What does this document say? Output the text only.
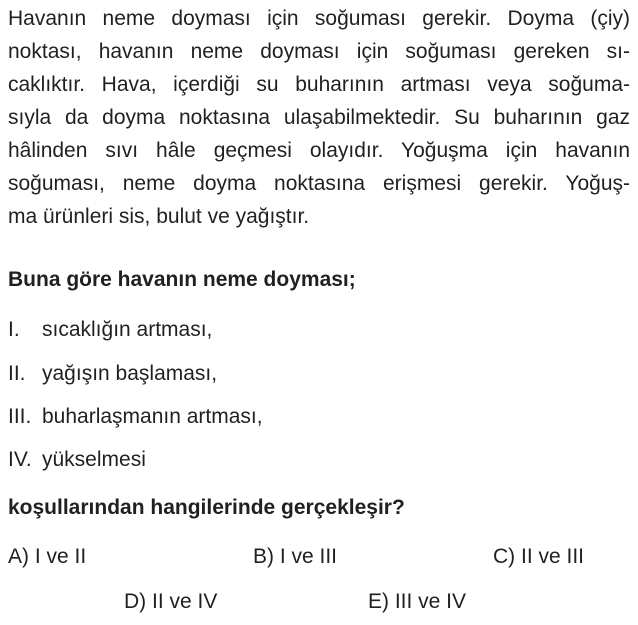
Havanın neme doyması için soğuması gerekir. Doyma (çiy)
noktası, havanın neme doyması için soğuması gereken sı-
caklıktır. Hava, içerdiği su buharının artması veya soğuma-
sıyla da doyma noktasına ulaşabilmektedir. Su buharının gaz
hâlinden sıvı hâle geçmesi olayıdır. Yoğuşma için havanın
soğuması, neme doyma noktasına erişmesi gerekir. Yoğuş-
ma ürünleri sis, bulut ve yağıştır.
Buna göre havanın neme doyması;
I.	sıcaklığın artması,
II. yağışın başlaması,
III. buharlaşmanın artması,
IV. yükselmesi
koşullarından hangilerinde gerçekleşir?
A) I ve II	B) I ve III	C) II ve III
D) II ve IV	E) III ve IV
